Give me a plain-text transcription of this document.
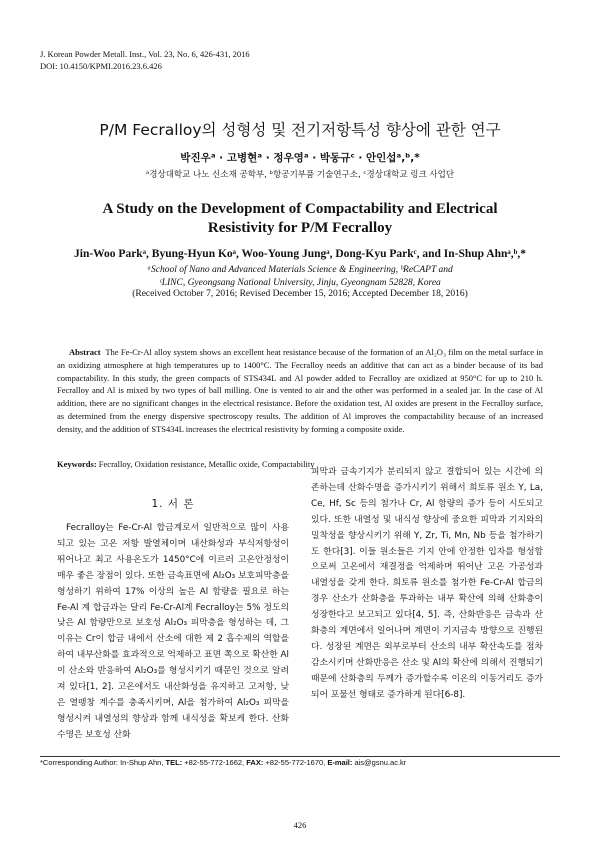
J. Korean Powder Metall. Inst., Vol. 23, No. 6, 426-431, 2016
DOI: 10.4150/KPMI.2016.23.6.426
P/M Fecralloy의 성형성 및 전기저항특성 향상에 관한 연구
박진우ᵃ · 고병현ᵃ · 정우영ᵃ · 박동규ᶜ · 안인섭ᵃ,ᵇ,*
ᵃ경상대학교 나노 신소재 공학부, ᵇ항공기부품 기술연구소, ᶜ경상대학교 링크 사업단
A Study on the Development of Compactability and Electrical
Resistivity for P/M Fecralloy
Jin-Woo Parkᵃ, Byung-Hyun Koᵃ, Woo-Young Jungᵃ, Dong-Kyu Parkᶜ, and In-Shup Ahnᵃ,ᵇ,*
ᵃSchool of Nano and Advanced Materials Science & Engineering, ᵇReCAPT and
ᶜLINC, Gyeongsang National University, Jinju, Gyeongnam 52828, Korea
(Received October 7, 2016; Revised December 15, 2016; Accepted December 18, 2016)
Abstract The Fe-Cr-Al alloy system shows an excellent heat resistance because of the formation of an Al₂O₃ film on the metal surface in an oxidizing atmosphere at high temperatures up to 1400°C. The Fecralloy needs an additive that can act as a binder because of its bad compactability. In this study, the green compacts of STS434L and Al powder added to Fecralloy are oxidized at 950°C for up to 210 h. Fecralloy and Al is mixed by two types of ball milling. One is vented to air and the other was performed in a sealed jar. In the case of Al addition, there are no significant changes in the electrical resistance. Before the oxidation test, Al oxides are present in the Fecralloy surface, as determined from the energy dispersive spectroscopy results. The addition of Al improves the compactability because of an increased density, and the addition of STS434L increases the electrical resistivity by forming a composite oxide.
Keywords: Fecralloy, Oxidation resistance, Metallic oxide, Compactability
1. 서 론

Fecralloy는 Fe-Cr-Al 합금계로서 일반적으로 많이 사용되고 있는 고온 저항 발열체이며 내산화성과 부식저항성이 뛰어나고 최고 사용온도가 1450°C에 이르러 고온안정성이 매우 좋은 장점이 있다. 또한 금속표면에 Al₂O₃ 보호피막층을 형성하기 위하여 17% 이상의 높은 Al 함량을 필요로 하는 Fe-Al 계 합금과는 달리 Fe-Cr-Al계 Fecralloy는 5% 정도의 낮은 Al 함량만으로 보호성 Al₂O₃ 피막층을 형성하는 데, 그 이유는 Cr이 합금 내에서 산소에 대한 제 2 흡수제의 역할을 하여 내부산화를 효과적으로 억제하고 표면 쪽으로 확산한 Al이 산소와 반응하여 Al₂O₃를 형성시키기 때문인 것으로 알려져 있다[1, 2]. 고온에서도 내산화성을 유지하고 고저항, 낮은 열팽창 계수를 충족시키며, Al을 첨가하여 Al₂O₃ 피막을 형성시켜 내열성의 향상과 함께 내식성을 확보케 한다. 산화수명은 보호성 산화

피막과 금속기지가 분리되지 않고 결합되어 있는 시간에 의존하는데 산화수명을 증가시키기 위해서 희토류 원소 Y, La, Ce, Hf, Sc 등의 첨가나 Cr, Al 함량의 증가 등이 시도되고 있다. 또한 내열성 및 내식성 향상에 중요한 피막과 기지와의 밀착성을 향상시키기 위해 Y, Zr, Ti, Mn, Nb 등을 첨가하기도 한다[3]. 이들 원소들은 기지 안에 안정한 입자를 형성함으로써 고온에서 재결정을 억제하며 뛰어난 고온 가공성과 내열성을 갖게 한다. 희토류 원소를 첨가한 Fe-Cr-Al 합금의 경우 산소가 산화층을 투과하는 내부 확산에 의해 산화층이 성장한다고 보고되고 있다[4, 5]. 즉, 산화반응은 금속과 산화층의 계면에서 일어나며 계면이 기지금속 방향으로 진행된다. 성장된 계면은 외부로부터 산소의 내부 확산속도를 점차 감소시키며 산화반응은 산소 및 Al의 확산에 의해서 진행되기 때문에 산화층의 두께가 증가할수록 이온의 이동거리도 증가되어 포물선 형태로 증가하게 된다[6-8].

*Corresponding Author: In-Shup Ahn, TEL: +82-55-772-1662, FAX: +82-55-772-1670, E-mail: ais@gsnu.ac.kr
426
